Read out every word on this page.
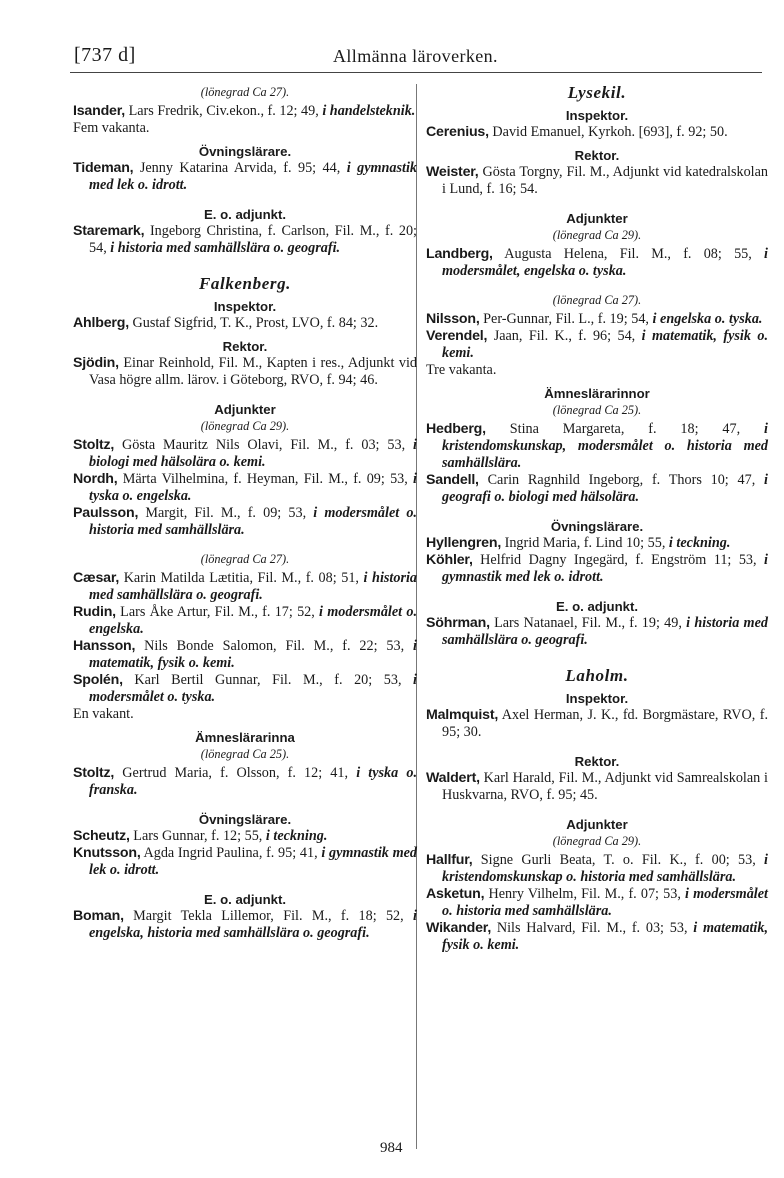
[737 d]	Allmänna läroverken.
(lönegrad Ca 27).

Isander, Lars Fredrik, Civ.ekon., f. 12; 49, i handelsteknik.

Fem vakanta.

Övningslärare.

Tideman, Jenny Katarina Arvida, f. 95; 44, i gymnastik med lek o. idrott.

E. o. adjunkt.

Staremark, Ingeborg Christina, f. Carlson, Fil. M., f. 20; 54, i historia med samhällslära o. geografi.

Falkenberg.
Inspektor.

Ahlberg, Gustaf Sigfrid, T. K., Prost, LVO, f. 84; 32.

Rektor.

Sjödin, Einar Reinhold, Fil. M., Kapten i res., Adjunkt vid Vasa högre allm. lärov. i Göteborg, RVO, f. 94; 46.

Adjunkter
(lönegrad Ca 29).

Stoltz, Gösta Mauritz Nils Olavi, Fil. M., f. 03; 53, i biologi med hälsolära o. kemi.

Nordh, Märta Vilhelmina, f. Heyman, Fil. M., f. 09; 53, i tyska o. engelska.

Paulsson, Margit, Fil. M., f. 09; 53, i modersmålet o. historia med samhällslära.

(lönegrad Ca 27).

Cæsar, Karin Matilda Lætitia, Fil. M., f. 08; 51, i historia med samhällslära o. geografi.

Rudin, Lars Åke Artur, Fil. M., f. 17; 52, i modersmålet o. engelska.

Hansson, Nils Bonde Salomon, Fil. M., f. 22; 53, i matematik, fysik o. kemi.

Spolén, Karl Bertil Gunnar, Fil. M., f. 20; 53, i modersmålet o. tyska.

En vakant.

Ämneslärarinna
(lönegrad Ca 25).

Stoltz, Gertrud Maria, f. Olsson, f. 12; 41, i tyska o. franska.

Övningslärare.

Scheutz, Lars Gunnar, f. 12; 55, i teckning.

Knutsson, Agda Ingrid Paulina, f. 95; 41, i gymnastik med lek o. idrott.

E. o. adjunkt.

Boman, Margit Tekla Lillemor, Fil. M., f. 18; 52, i engelska, historia med samhällslära o. geografi.

Lysekil.
Inspektor.

Cerenius, David Emanuel, Kyrkoh. [693], f. 92; 50.

Rektor.

Weister, Gösta Torgny, Fil. M., Adjunkt vid katedralskolan i Lund, f. 16; 54.

Adjunkter
(lönegrad Ca 29).

Landberg, Augusta Helena, Fil. M., f. 08; 55, i modersmålet, engelska o. tyska.

(lönegrad Ca 27).

Nilsson, Per-Gunnar, Fil. L., f. 19; 54, i engelska o. tyska.

Verendel, Jaan, Fil. K., f. 96; 54, i matematik, fysik o. kemi.

Tre vakanta.

Ämneslärarinnor
(lönegrad Ca 25).

Hedberg, Stina Margareta, f. 18; 47, i kristendomskunskap, modersmålet o. historia med samhällslära.

Sandell, Carin Ragnhild Ingeborg, f. Thors 10; 47, i geografi o. biologi med hälsolära.

Övningslärare.

Hyllengren, Ingrid Maria, f. Lind 10; 55, i teckning.

Köhler, Helfrid Dagny Ingegärd, f. Engström 11; 53, i gymnastik med lek o. idrott.

E. o. adjunkt.

Söhrman, Lars Natanael, Fil. M., f. 19; 49, i historia med samhällslära o. geografi.

Laholm.
Inspektor.

Malmquist, Axel Herman, J. K., fd. Borgmästare, RVO, f. 95; 30.

Rektor.

Waldert, Karl Harald, Fil. M., Adjunkt vid Samrealskolan i Huskvarna, RVO, f. 95; 45.

Adjunkter
(lönegrad Ca 29).

Hallfur, Signe Gurli Beata, T. o. Fil. K., f. 00; 53, i kristendomskunskap o. historia med samhällslära.

Asketun, Henry Vilhelm, Fil. M., f. 07; 53, i modersmålet o. historia med samhällslära.

Wikander, Nils Halvard, Fil. M., f. 03; 53, i matematik, fysik o. kemi.

984
